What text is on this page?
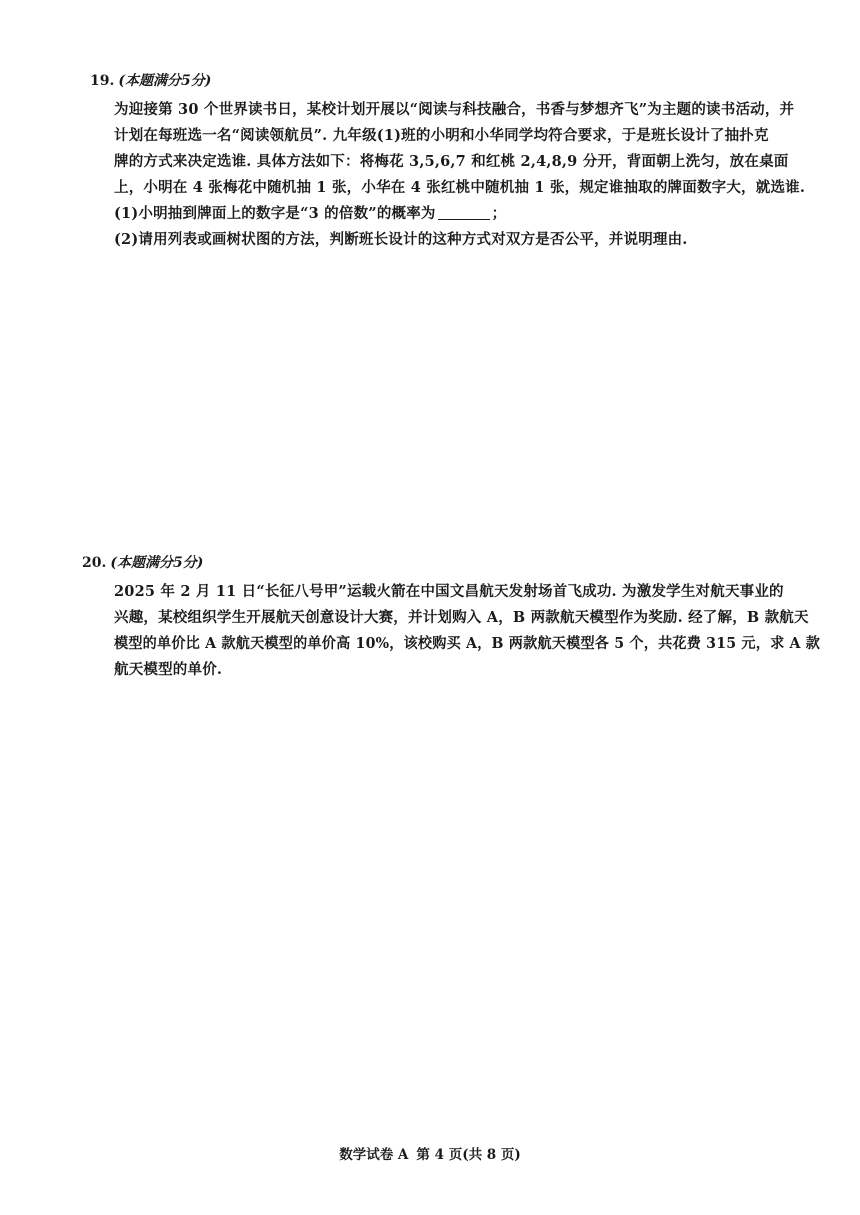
19. (本题满分5分)
为迎接第 30 个世界读书日，某校计划开展以“阅读与科技融合，书香与梦想齐飞”为主题的读书活动，并
计划在每班选一名“阅读领航员”. 九年级(1)班的小明和小华同学均符合要求，于是班长设计了抽扑克
牌的方式来决定选谁. 具体方法如下：将梅花 3,5,6,7 和红桃 2,4,8,9 分开，背面朝上洗匀，放在桌面
上，小明在 4 张梅花中随机抽 1 张，小华在 4 张红桃中随机抽 1 张，规定谁抽取的牌面数字大，就选谁.
(1)小明抽到牌面上的数字是“3 的倍数”的概率为	；
(2)请用列表或画树状图的方法，判断班长设计的这种方式对双方是否公平，并说明理由.
20. (本题满分5分)
2025 年 2 月 11 日“长征八号甲”运载火箭在中国文昌航天发射场首飞成功. 为激发学生对航天事业的
兴趣，某校组织学生开展航天创意设计大赛，并计划购入 A，B 两款航天模型作为奖励. 经了解，B 款航天
模型的单价比 A 款航天模型的单价高 10%，该校购买 A，B 两款航天模型各 5 个，共花费 315 元，求 A 款
航天模型的单价.
数学试卷 A 第 4 页(共 8 页)
